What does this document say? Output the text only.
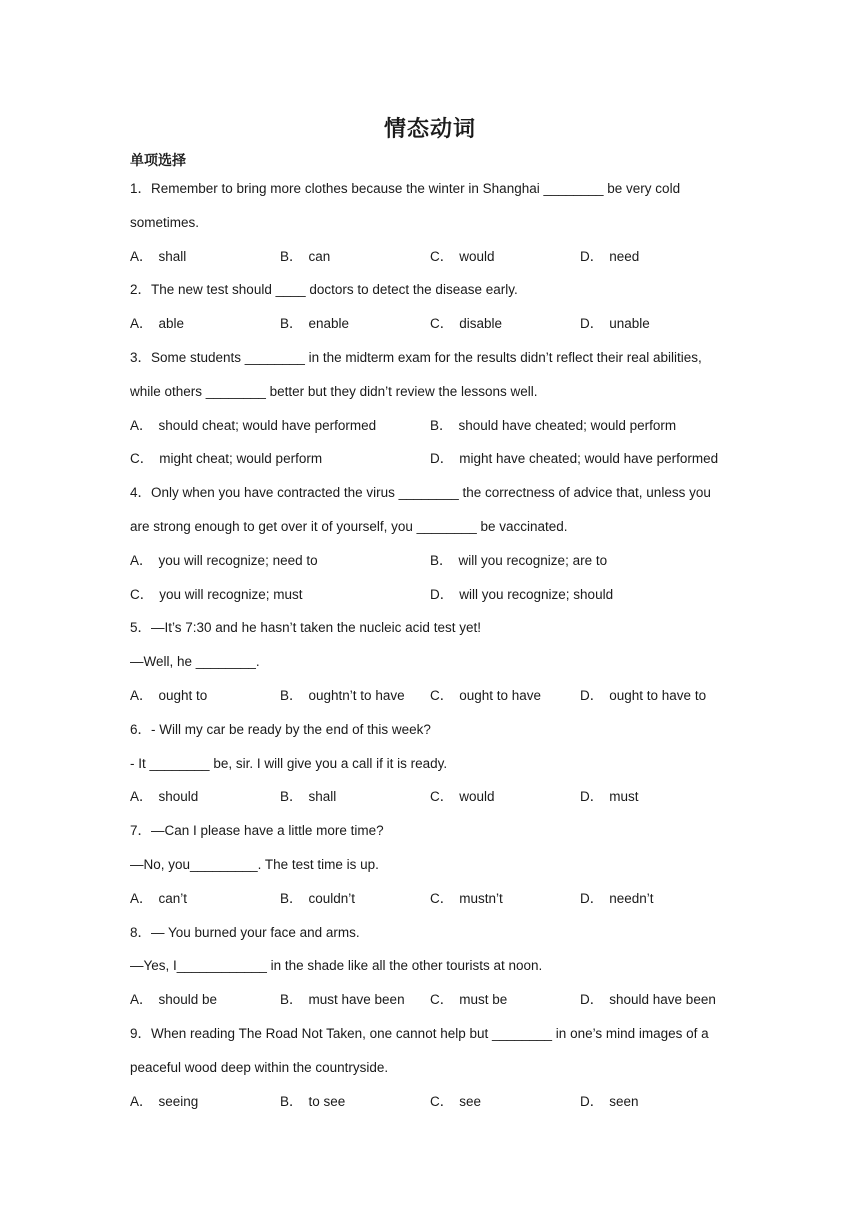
情态动词
单项选择
1．Remember to bring more clothes because the winter in Shanghai ________ be very cold
sometimes.
A． shall	B． can	C． would	D． need
2．The new test should ____ doctors to detect the disease early.
A． able	B． enable	C． disable	D． unable
3．Some students ________ in the midterm exam for the results didn’t reflect their real abilities,
while others ________ better but they didn’t review the lessons well.
A． should cheat; would have performed	B． should have cheated; would perform
C． might cheat; would perform	D． might have cheated; would have performed
4．Only when you have contracted the virus ________ the correctness of advice that, unless you
are strong enough to get over it of yourself, you ________ be vaccinated.
A． you will recognize; need to	B． will you recognize; are to
C． you will recognize; must	D． will you recognize; should
5．—It’s 7:30 and he hasn’t taken the nucleic acid test yet!
—Well, he ________.
A． ought to	B． oughtn’t to have	C． ought to have	D． ought to have to
6．- Will my car be ready by the end of this week?
- It ________ be, sir. I will give you a call if it is ready.
A． should	B． shall	C． would	D． must
7．—Can I please have a little more time?
—No, you_________. The test time is up.
A． can’t	B． couldn’t	C． mustn’t	D． needn’t
8．— You burned your face and arms.
—Yes, I____________ in the shade like all the other tourists at noon.
A． should be	B． must have been	C． must be	D． should have been
9．When reading The Road Not Taken, one cannot help but ________ in one’s mind images of a
peaceful wood deep within the countryside.
A． seeing	B． to see	C． see	D． seen
